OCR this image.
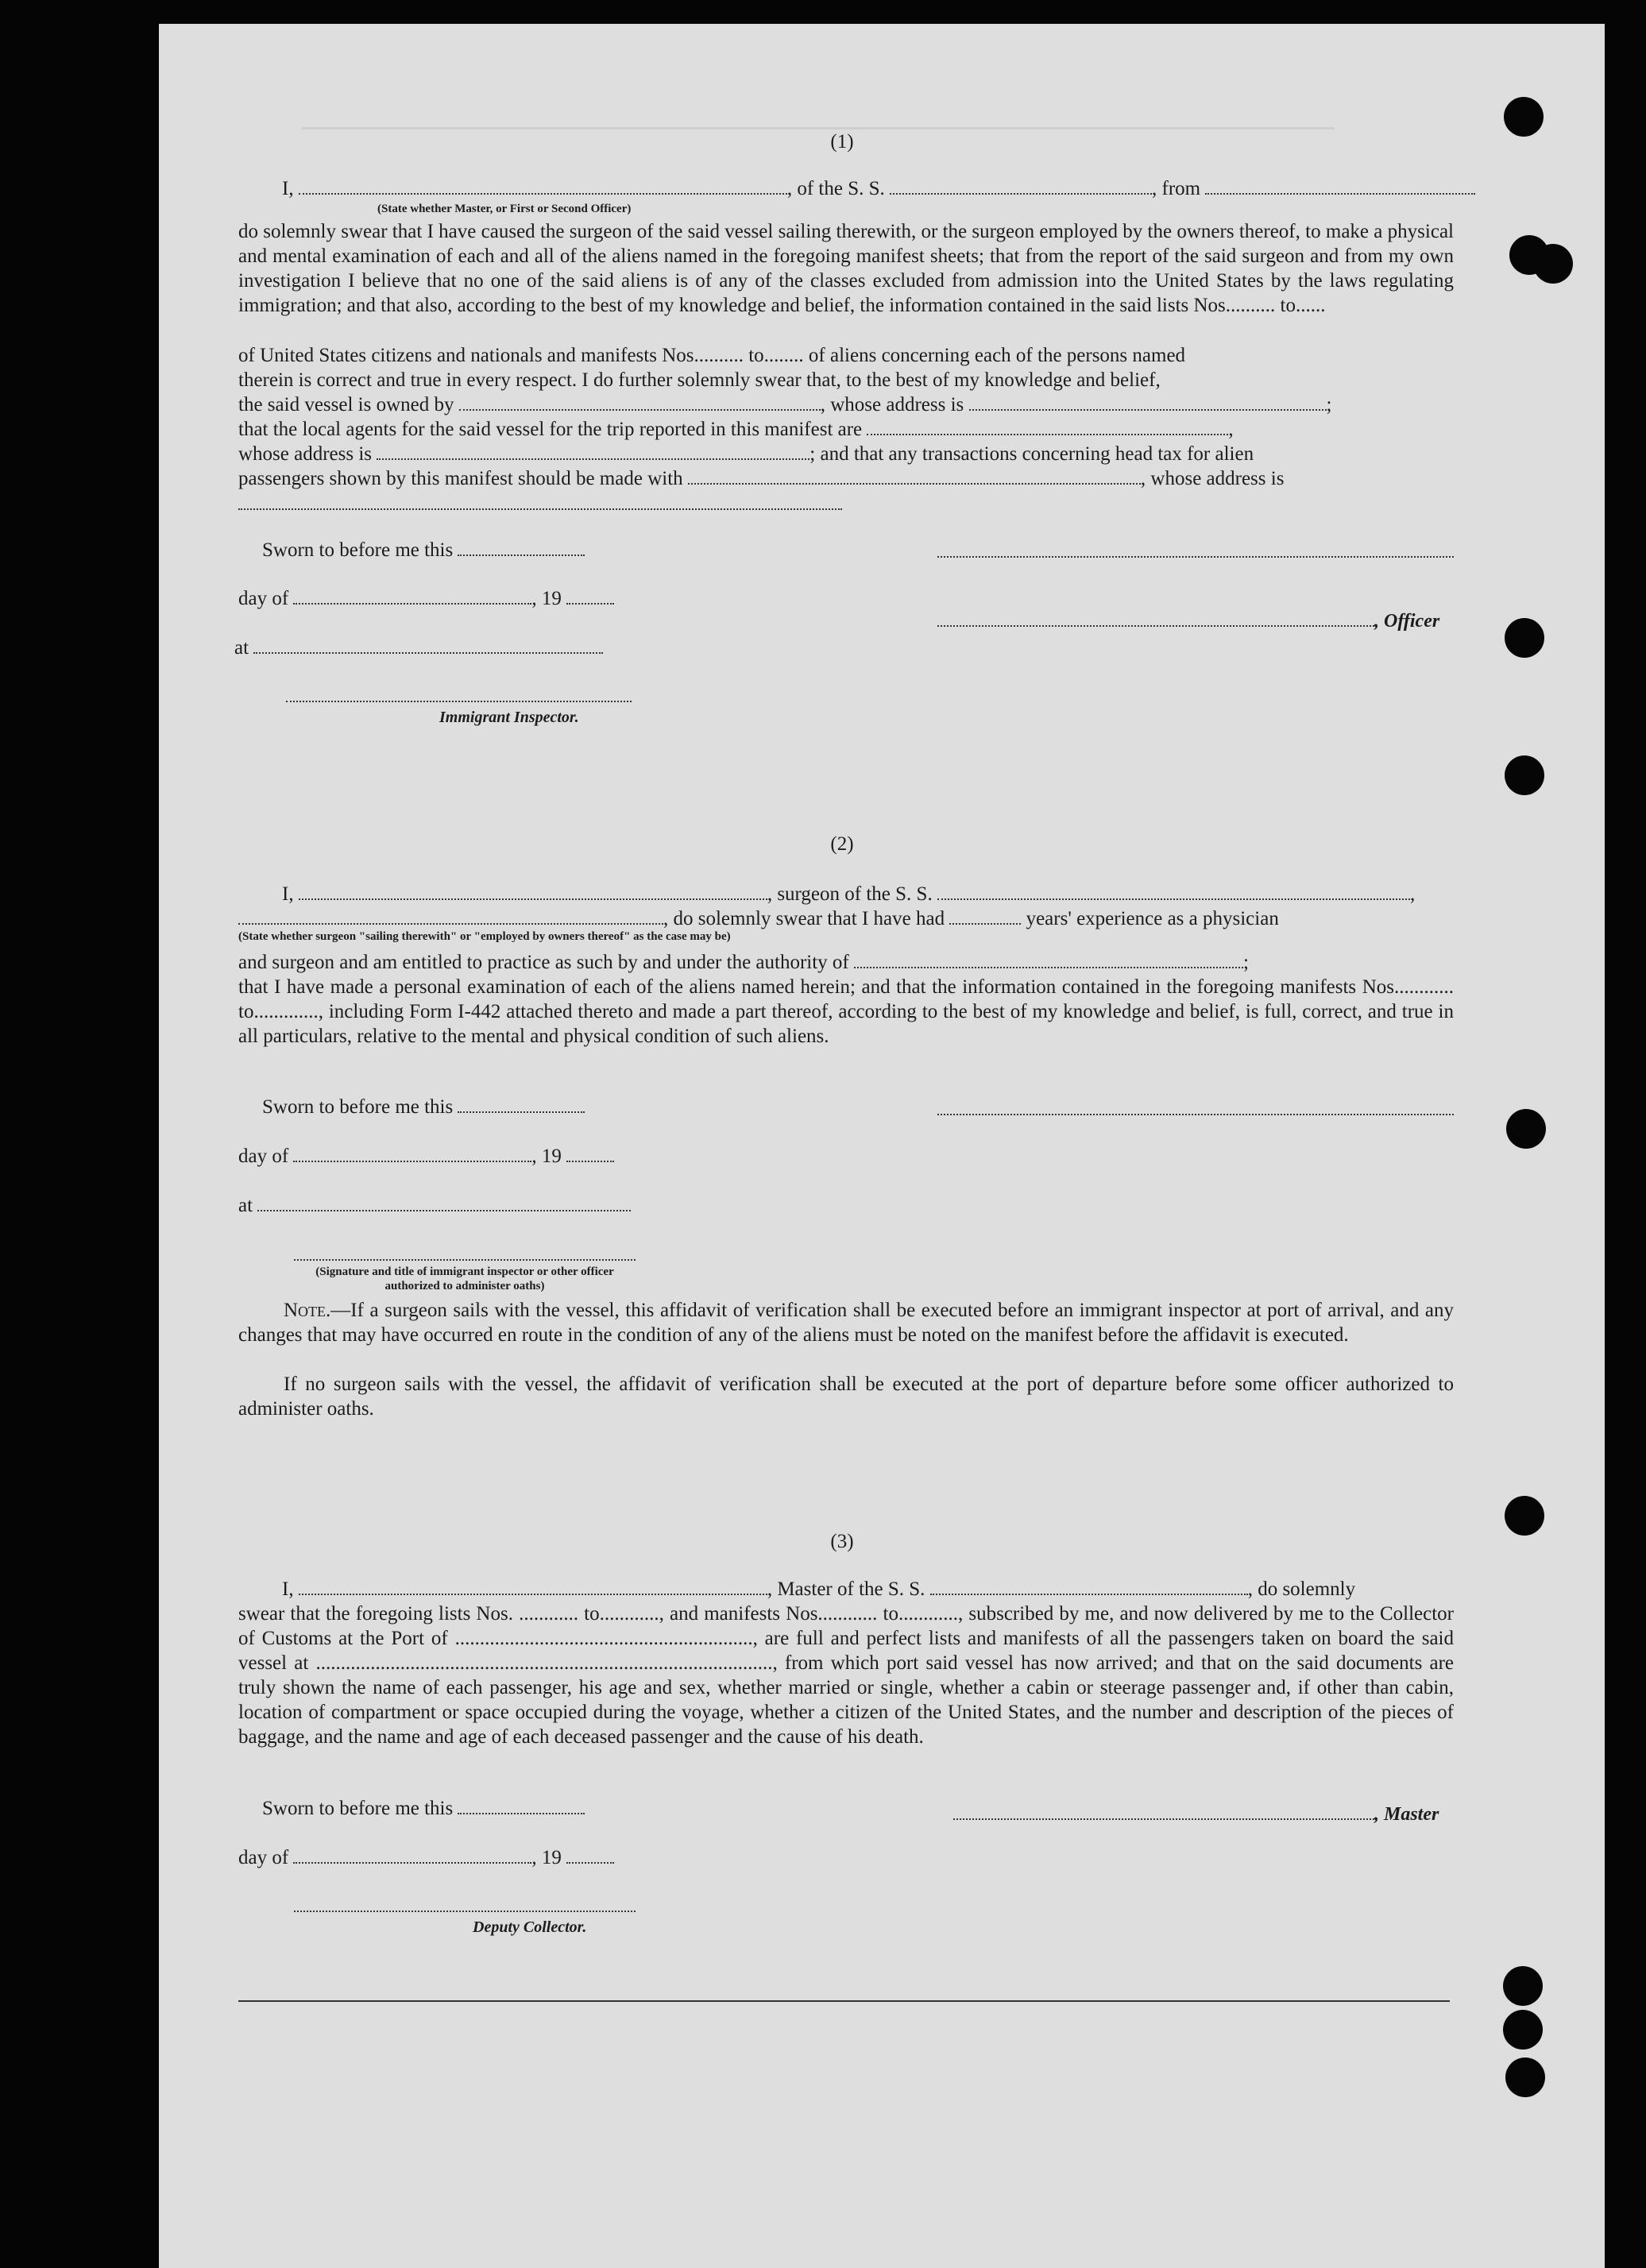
(1)
I,	, of the S. S.	, from
(State whether Master, or First or Second Officer)
do solemnly swear that I have caused the surgeon of the said vessel sailing therewith, or the surgeon employed by the owners thereof, to make a physical and mental examination of each and all of the aliens named in the foregoing manifest sheets; that from the report of the said surgeon and from my own investigation I believe that no one of the said aliens is of any of the classes excluded from admission into the United States by the laws regulating immigration; and that also, according to the best of my knowledge and belief, the information contained in the said lists Nos.......... to......
of United States citizens and nationals and manifests Nos.......... to........ of aliens concerning each of the persons named
therein is correct and true in every respect. I do further solemnly swear that, to the best of my knowledge and belief,
the said vessel is owned by	, whose address is	;
that the local agents for the said vessel for the trip reported in this manifest are	,
whose address is	; and that any transactions concerning head tax for alien
passengers shown by this manifest should be made with	, whose address is
Sworn to before me this
day of	, 19
, Officer
at
Immigrant Inspector.
(2)
I,	, surgeon of the S. S.	,
, do solemnly swear that I have had	years' experience as a physician
(State whether surgeon "sailing therewith" or "employed by owners thereof" as the case may be)
and surgeon and am entitled to practice as such by and under the authority of	;
that I have made a personal examination of each of the aliens named herein; and that the information contained in the foregoing manifests Nos............ to............., including Form I-442 attached thereto and made a part thereof, according to the best of my knowledge and belief, is full, correct, and true in all particulars, relative to the mental and physical condition of such aliens.
Sworn to before me this
day of	, 19
at
(Signature and title of immigrant inspector or other officer authorized to administer oaths)
Note.—If a surgeon sails with the vessel, this affidavit of verification shall be executed before an immigrant inspector at port of arrival, and any changes that may have occurred en route in the condition of any of the aliens must be noted on the manifest before the affidavit is executed.
If no surgeon sails with the vessel, the affidavit of verification shall be executed at the port of departure before some officer authorized to administer oaths.
(3)
I,	, Master of the S. S.	, do solemnly
swear that the foregoing lists Nos. ............ to............, and manifests Nos............ to............, subscribed by me, and now delivered by me to the Collector of Customs at the Port of ............................................................, are full and perfect lists and manifests of all the passengers taken on board the said vessel at ............................................................................................, from which port said vessel has now arrived; and that on the said documents are truly shown the name of each passenger, his age and sex, whether married or single, whether a cabin or steerage passenger and, if other than cabin, location of compartment or space occupied during the voyage, whether a citizen of the United States, and the number and description of the pieces of baggage, and the name and age of each deceased passenger and the cause of his death.
Sworn to before me this	, Master
day of	, 19
Deputy Collector.
